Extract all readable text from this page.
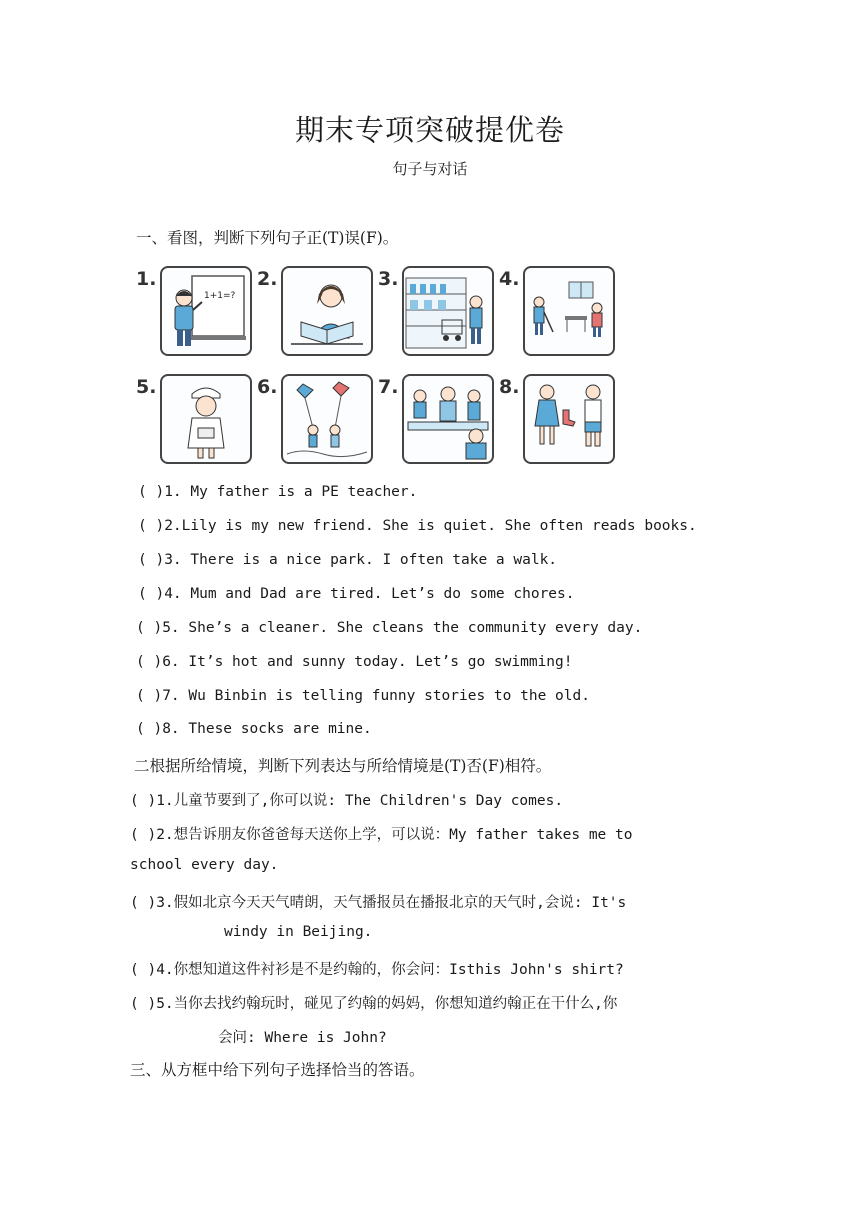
期末专项突破提优卷
句子与对话
一、看图，判断下列句子正(T)误(F)。
1.
1+1=?
2.	3.	4.
5.	6.	7.	8.
( )1. My father is a PE teacher.
( )2.Lily is my new friend. She is quiet. She often reads books.
( )3. There is a nice park. I often take a walk.
( )4. Mum and Dad are tired. Let’s do some chores.
( )5. She’s a cleaner. She cleans the community every day.
( )6. It’s hot and sunny today. Let’s go swimming!
( )7. Wu Binbin is telling funny stories to the old.
( )8. These socks are mine.
二根据所给情境，判断下列表达与所给情境是(T)否(F)相符。
( )1.儿童节要到了,你可以说: The Children's Day comes.
( )2.想告诉朋友你爸爸每天送你上学，可以说：My father takes me to
school every day.
( )3.假如北京今天天气晴朗，天气播报员在播报北京的天气时,会说: It's
windy in Beijing.
( )4.你想知道这件衬衫是不是约翰的，你会问：Isthis John's shirt?
( )5.当你去找约翰玩时，碰见了约翰的妈妈，你想知道约翰正在干什么,你
会问: Where is John?
三、从方框中给下列句子选择恰当的答语。
